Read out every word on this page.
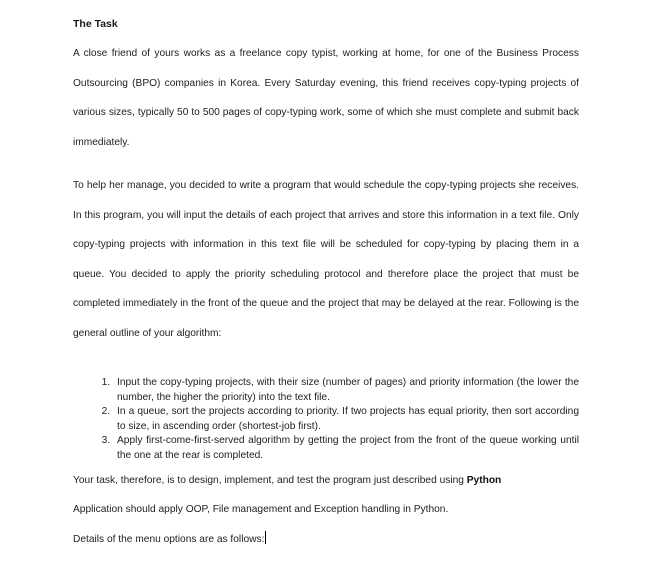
The Task

A close friend of yours works as a freelance copy typist, working at home, for one of the Business Process Outsourcing (BPO) companies in Korea. Every Saturday evening, this friend receives copy-typing projects of various sizes, typically 50 to 500 pages of copy-typing work, some of which she must complete and submit back immediately.

To help her manage, you decided to write a program that would schedule the copy-typing projects she receives. In this program, you will input the details of each project that arrives and store this information in a text file. Only copy-typing projects with information in this text file will be scheduled for copy-typing by placing them in a queue. You decided to apply the priority scheduling protocol and therefore place the project that must be completed immediately in the front of the queue and the project that may be delayed at the rear. Following is the general outline of your algorithm:

1. Input the copy-typing projects, with their size (number of pages) and priority information (the lower the number, the higher the priority) into the text file.
2. In a queue, sort the projects according to priority. If two projects has equal priority, then sort according to size, in ascending order (shortest-job first).
3. Apply first-come-first-served algorithm by getting the project from the front of the queue working until the one at the rear is completed.

Your task, therefore, is to design, implement, and test the program just described using Python

Application should apply OOP, File management and Exception handling in Python.

Details of the menu options are as follows:
